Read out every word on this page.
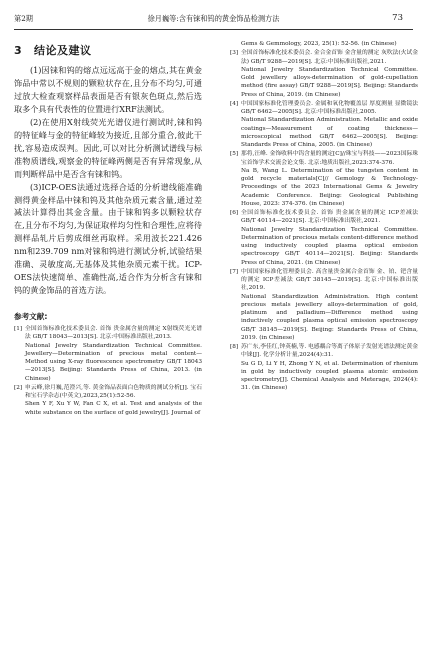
第2期	徐月巍等:含有铼和钨的黄金饰品检测方法	73
3 结论及建议

(1)因铼和钨的熔点远远高于金的熔点,其在黄金饰品中常以不规则的颗粒状存在,且分布不均匀,可通过放大检查观察样品表面是否有银灰色斑点,然后选取多个具有代表性的位置进行XRF法测试。

(2)在使用X射线荧光光谱仪进行测试时,铼和钨的特征峰与金的特征峰较为接近,且部分重合,彼此干扰,容易造成误判。因此,可以对比分析测试谱线与标准物质谱线,观察金的特征峰两侧是否有异常现象,从而判断样品中是否含有铼和钨。

(3)ICP-OES法通过选择合适的分析谱线能准确测得黄金样品中铼和钨及其他杂质元素含量,通过差减法计算得出其金含量。由于铼和钨多以颗粒状存在,且分布不均匀,为保证取样均匀性和合理性,应将待测样品轧片后剪成细丝再取样。采用波长221.426 nm和239.709 nm对铼和钨进行测试分析,试验结果准确、灵敏度高,无基体及其他杂质元素干扰。ICP-OES法快速简单、准确性高,适合作为分析含有铼和钨的黄金饰品的首选方法。

参考文献:
[1] 全国首饰标准化技术委员会. 首饰 贵金属含量的测定 X射线荧光光谱法 GB/T 18043—2013[S]. 北京:中国标准出版社,2013.
National Jewelry Standardization Technical Committee. Jewellery—Determination of precious metal content—Method using X-ray fluorescence spectrometry GB/T 18043—2013[S]. Beijing: Standards Press of China, 2013. (in Chinese)
[2] 申云峰,徐月巍,范澄兴,等. 黄金饰品表面白色物质的测试分析[J]. 宝石和宝石学杂志(中英文),2023,25(1):52-56.
Shen Y F, Xu Y W, Fan C X, et al. Test and analysis of the white substance on the surface of gold jewelry[J]. Journal of
Gems & Gemmology, 2023, 25(1): 52-56. (in Chinese)
[3] 全国首饰标准化技术委员会. 金合金首饰 金含量的测定 灰吹法(火试金法) GB/T 9288—2019[S]. 北京:中国标准出版社,2021.
National Jewelry Standardization Technical Committee. Gold jewellery alloys-determination of gold-cupellation method (fire assay) GB/T 9288—2019[S]. Beijing: Standards Press of China, 2019. (in Chinese)
[4] 中国国家标准化管理委员会. 金属和氧化物覆盖层 厚度测量 显微镜法 GB/T 6462—2005[S]. 北京:中国标准出版社,2005.
National Standardization Administration. Metallic and oxide coatings—Measurement of coating thickness—microscopical method GB/T 6462—2005[S]. Beijing: Standards Press of China, 2005. (in Chinese)
[5] 那将,汪峰. 金饰收料中钨含量的测定[C]//珠宝与科技——2023国际珠宝首饰学术交流会论文集. 北京:地质出版社,2023:374-376.
Na B, Wang L. Determination of the tungsten content in gold recycle materials[C]// Gemology & Technology-Proceedings of the 2023 International Gems & Jewelry Academic Conference. Beijing: Geological Publishing House, 2023: 374-376. (in Chinese)
[6] 全国首饰标准化技术委员会. 首饰 贵金属含量的测定 ICP差减法 GB/T 40114—2021[S]. 北京:中国标准出版社,2021.
National Jewelry Standardization Technical Committee. Determination of precious metals content-difference method using inductively coupled plasma optical emission spectroscopy GB/T 40114—2021[S]. Beijing: Standards Press of China, 2021. (in Chinese)
[7] 中国国家标准化管理委员会. 高含量贵金属合金首饰 金、铂、钯含量的测定 ICP差减法 GB/T 38145—2019[S]. 北京:中国标准出版社,2019.
National Standardization Administration. High content precious metals jewellery alloys-determination of gold, platinum and palladium—Difference method using inductively coupled plasma optical emission spectroscopy GB/T 38145—2019[S]. Beijing: Standards Press of China, 2019. (in Chinese)
[8] 苏广东,李佳红,钟英楠,等. 电感耦合等离子体原子发射光谱法测定黄金中铼[J]. 化学分析计量,2024(4):31.
Su G D, Li Y H, Zhong Y N, et al. Determination of rhenium in gold by inductively coupled plasma atomic emission spectrometry[J]. Chemical Analysis and Meterage, 2024(4): 31. (in Chinese)
